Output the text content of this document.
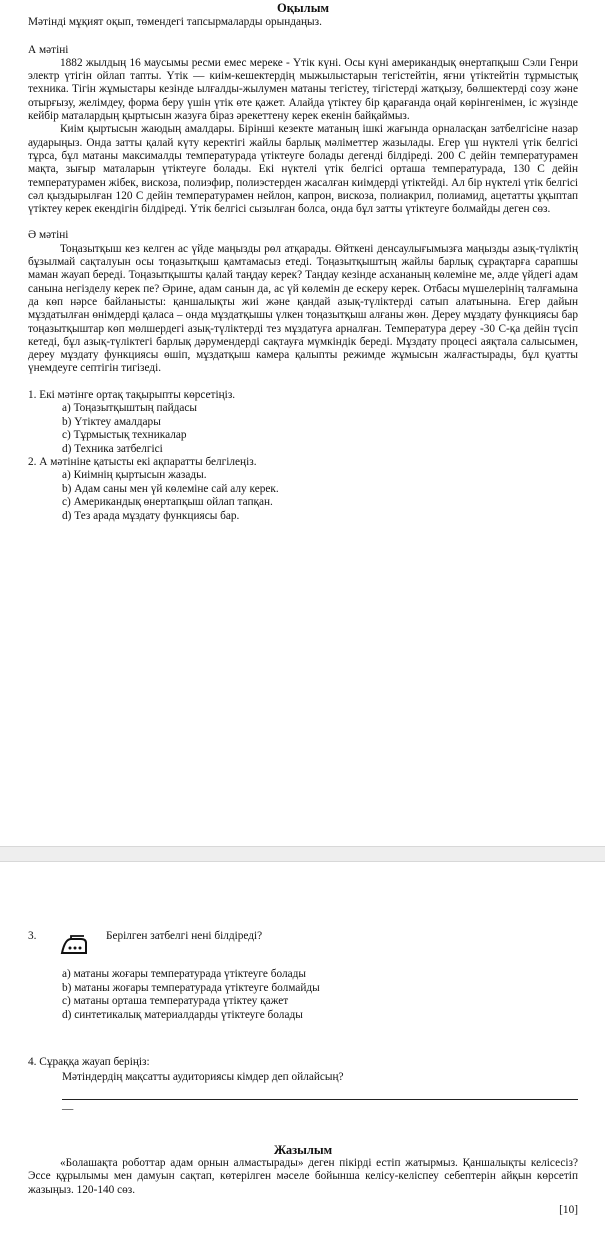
Оқылым
Мәтінді мұқият оқып, төмендегі тапсырмаларды орындаңыз.
А мәтіні

1882 жылдың 16 маусымы ресми емес мереке - Үтік күні. Осы күні американдық өнертапқыш Сэли Генри электр үтігін ойлап тапты. Үтік — киім-кешектердің мыжылыстарын тегістейтін, яғни үтіктейтін тұрмыстық техника. Тігін жұмыстары кезінде ылғалды-жылумен матаны тегістеу, тігістерді жатқызу, бөлшектерді созу және отырғызу, желімдеу, форма беру үшін үтік өте қажет. Алайда үтіктеу бір қарағанда оңай көрінгенімен, іс жүзінде кейбір маталардың қыртысын жазуға біраз әрекеттену керек екенін байқаймыз.

Киім қыртысын жаюдың амалдары. Бірінші кезекте матаның ішкі жағында орналасқан затбелгісіне назар аударыңыз. Онда затты қалай күту керектігі жайлы барлық мәліметтер жазылады. Егер үш нүктелі үтік белгісі тұрса, бұл матаны максималды температурада үтіктеуге болады дегенді білдіреді. 200 С дейін температурамен мақта, зығыр маталарын үтіктеуге болады. Екі нүктелі үтік белгісі орташа температурада, 130 С дейін температурамен жібек, вискоза, полиэфир, полиэстерден жасалған киімдерді үтіктейді. Ал бір нүктелі үтік белгісі сәл қыздырылған 120 С дейін температурамен нейлон, капрон, вискоза, полиакрил, полиамид, ацетатты ұқыптап үтіктеу керек екендігін білдіреді. Үтік белгісі сызылған болса, онда бұл затты үтіктеуге болмайды деген сөз.

Ә мәтіні

Тоңазытқыш кез келген ас үйде маңызды рөл атқарады. Өйткені денсаулығымызға маңызды азық-түліктің бұзылмай сақталуын осы тоңазытқыш қамтамасыз етеді. Тоңазытқыштың жайлы барлық сұрақтарға сарапшы маман жауап береді. Тоңазытқышты қалай таңдау керек? Таңдау кезінде асхананың көлеміне ме, әлде үйдегі адам санына негізделу керек пе? Әрине, адам санын да, ас үй көлемін де ескеру керек. Отбасы мүшелерінің талғамына да көп нәрсе байланысты: қаншалықты жиі және қандай азық-түліктерді сатып алатынына. Егер дайын мұздатылған өнімдерді қаласа – онда мұздатқышы үлкен тоңазытқыш алғаны жөн. Дереу мұздату функциясы бар тоңазытқыштар көп мөлшердегі азық-түліктерді тез мұздатуға арналған. Температура дереу -30 С-қа дейін түсіп кетеді, бұл азық-түліктегі барлық дәрумендерді сақтауға мүмкіндік береді. Мұздату процесі аяқтала салысымен, дереу мұздату функциясы өшіп, мұздатқыш камера қалыпты режимде жұмысын жалғастырады, бұл қуатты үнемдеуге септігін тигізеді.

1. Екі мәтінге ортақ тақырыпты көрсетіңіз.
a) Тоңазытқыштың пайдасы
b) Үтіктеу амалдары
c) Тұрмыстық техникалар
d) Техника затбелгісі
2. А мәтініне қатысты екі ақпаратты белгілеңіз.
a) Киімнің қыртысын жазады.
b) Адам саны мен үй көлеміне сай алу керек.
c) Американдық өнертапқыш ойлап тапқан.
d) Тез арада мұздату функциясы бар.
3.	Берілген затбелгі нені білдіреді?
a) матаны жоғары температурада үтіктеуге болады
b) матаны жоғары температурада үтіктеуге болмайды
c) матаны орташа температурада үтіктеу қажет
d) синтетикалық материалдарды үтіктеуге болады
4. Сұраққа жауап беріңіз:
Мәтіндердің мақсатты аудиториясы кімдер деп ойлайсың?
—
Жазылым

«Болашақта роботтар адам орнын алмастырады» деген пікірді естіп жатырмыз. Қаншалықты келісесіз? Эссе құрылымы мен дамуын сақтап, көтерілген мәселе бойынша келісу-келіспеу себептерін айқын көрсетіп жазыңыз. 120-140 сөз.

[10]
